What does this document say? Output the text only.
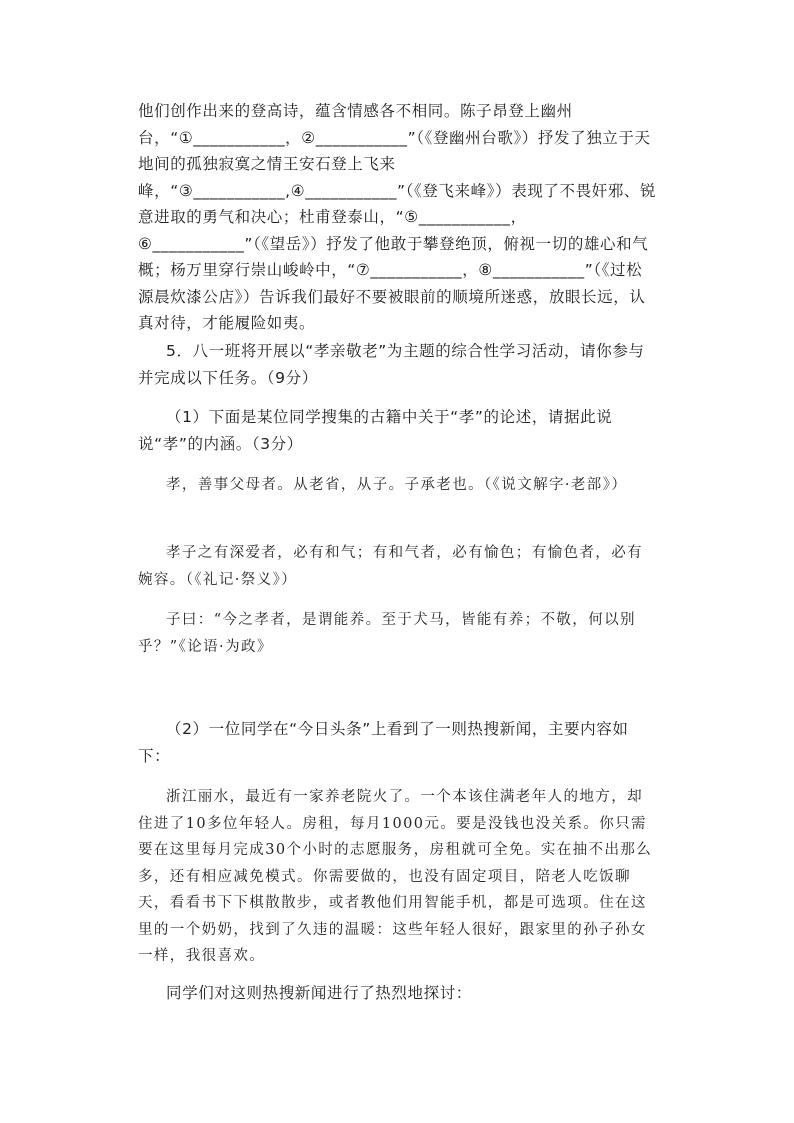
他们创作出来的登高诗，蕴含情感各不相同。陈子昂登上幽州台，“①___________，②___________”（《登幽州台歌》）抒发了独立于天地间的孤独寂寞之情王安石登上飞来峰，“③___________,④___________”（《登飞来峰》）表现了不畏奸邪、锐意进取的勇气和决心；杜甫登泰山，“⑤___________，⑥___________”（《望岳》）抒发了他敢于攀登绝顶，俯视一切的雄心和气概；杨万里穿行崇山峻岭中，“⑦___________，⑧___________”（《过松源晨炊漆公店》）告诉我们最好不要被眼前的顺境所迷惑，放眼长远，认真对待，才能履险如夷。

5．八一班将开展以“孝亲敬老”为主题的综合性学习活动，请你参与并完成以下任务。（9分）

（1）下面是某位同学搜集的古籍中关于“孝”的论述，请据此说说“孝”的内涵。（3分）

孝，善事父母者。从老省，从子。子承老也。（《说文解字·老部》）

孝子之有深爱者，必有和气；有和气者，必有愉色；有愉色者，必有婉容。（《礼记·祭义》）

子曰：“今之孝者，是谓能养。至于犬马，皆能有养；不敬，何以别乎？”《论语·为政》

（2）一位同学在“今日头条”上看到了一则热搜新闻，主要内容如下：

浙江丽水，最近有一家养老院火了。一个本该住满老年人的地方，却住进了10多位年轻人。房租，每月1000元。要是没钱也没关系。你只需要在这里每月完成30个小时的志愿服务，房租就可全免。实在抽不出那么多，还有相应减免模式。你需要做的，也没有固定项目，陪老人吃饭聊天，看看书下下棋散散步，或者教他们用智能手机，都是可选项。住在这里的一个奶奶，找到了久违的温暖：这些年轻人很好，跟家里的孙子孙女一样，我很喜欢。

同学们对这则热搜新闻进行了热烈地探讨：
